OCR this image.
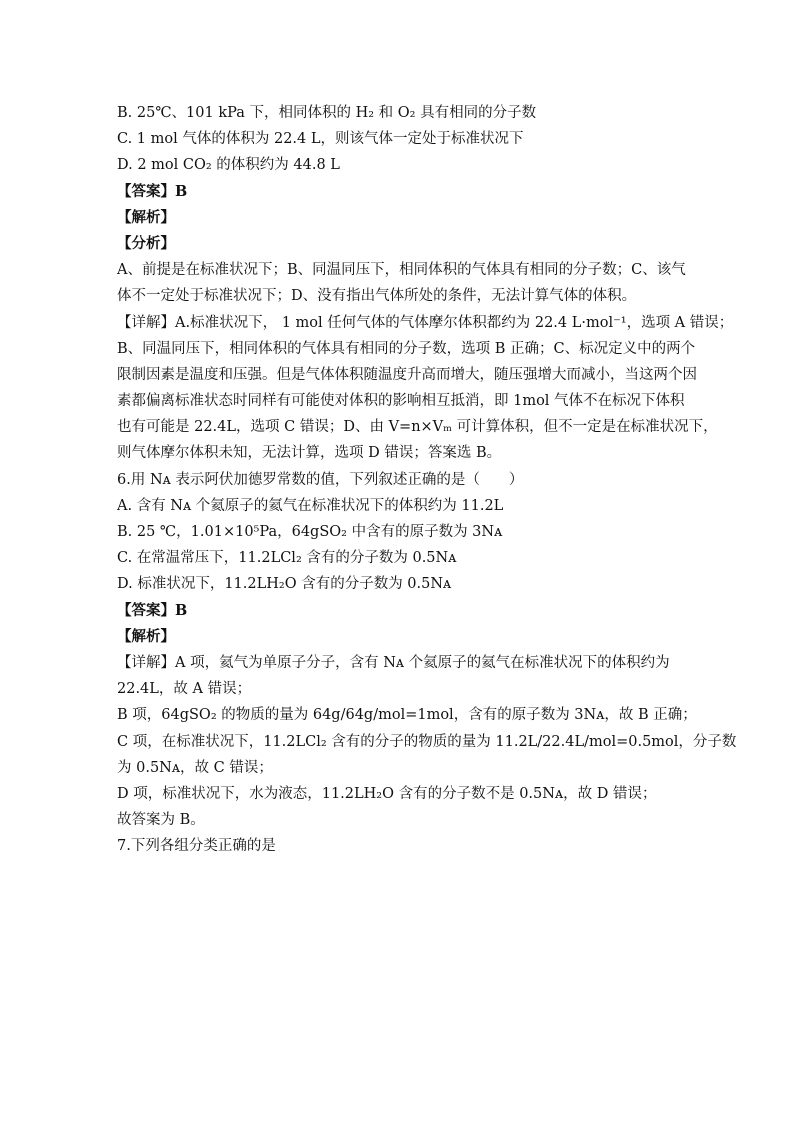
B. 25℃、101 kPa 下，相同体积的 H₂ 和 O₂ 具有相同的分子数
C. 1 mol 气体的体积为 22.4 L，则该气体一定处于标准状况下
D. 2 mol CO₂ 的体积约为 44.8 L
【答案】B
【解析】
【分析】
A、前提是在标准状况下；B、同温同压下，相同体积的气体具有相同的分子数；C、该气
体不一定处于标准状况下；D、没有指出气体所处的条件，无法计算气体的体积。
【详解】A.标准状况下， 1 mol 任何气体的气体摩尔体积都约为 22.4 L·mol⁻¹，选项 A 错误；
B、同温同压下，相同体积的气体具有相同的分子数，选项 B 正确；C、标况定义中的两个
限制因素是温度和压强。但是气体体积随温度升高而增大，随压强增大而减小，当这两个因
素都偏离标准状态时同样有可能使对体积的影响相互抵消，即 1mol 气体不在标况下体积
也有可能是 22.4L，选项 C 错误；D、由 V=n×Vₘ 可计算体积，但不一定是在标准状况下，
则气体摩尔体积未知，无法计算，选项 D 错误；答案选 B。
6.用 Nᴀ 表示阿伏加德罗常数的值，下列叙述正确的是（　　）
A. 含有 Nᴀ 个氦原子的氦气在标准状况下的体积约为 11.2L
B. 25 ℃，1.01×10⁵Pa，64gSO₂ 中含有的原子数为 3Nᴀ
C. 在常温常压下，11.2LCl₂ 含有的分子数为 0.5Nᴀ
D. 标准状况下，11.2LH₂O 含有的分子数为 0.5Nᴀ
【答案】B
【解析】
【详解】A 项，氦气为单原子分子，含有 Nᴀ 个氦原子的氦气在标准状况下的体积约为
22.4L，故 A 错误；
B 项，64gSO₂ 的物质的量为 64g/64g/mol=1mol，含有的原子数为 3Nᴀ，故 B 正确；
C 项，在标准状况下，11.2LCl₂ 含有的分子的物质的量为 11.2L/22.4L/mol=0.5mol，分子数
为 0.5Nᴀ，故 C 错误；
D 项，标准状况下，水为液态，11.2LH₂O 含有的分子数不是 0.5Nᴀ，故 D 错误；
故答案为 B。
7.下列各组分类正确的是
